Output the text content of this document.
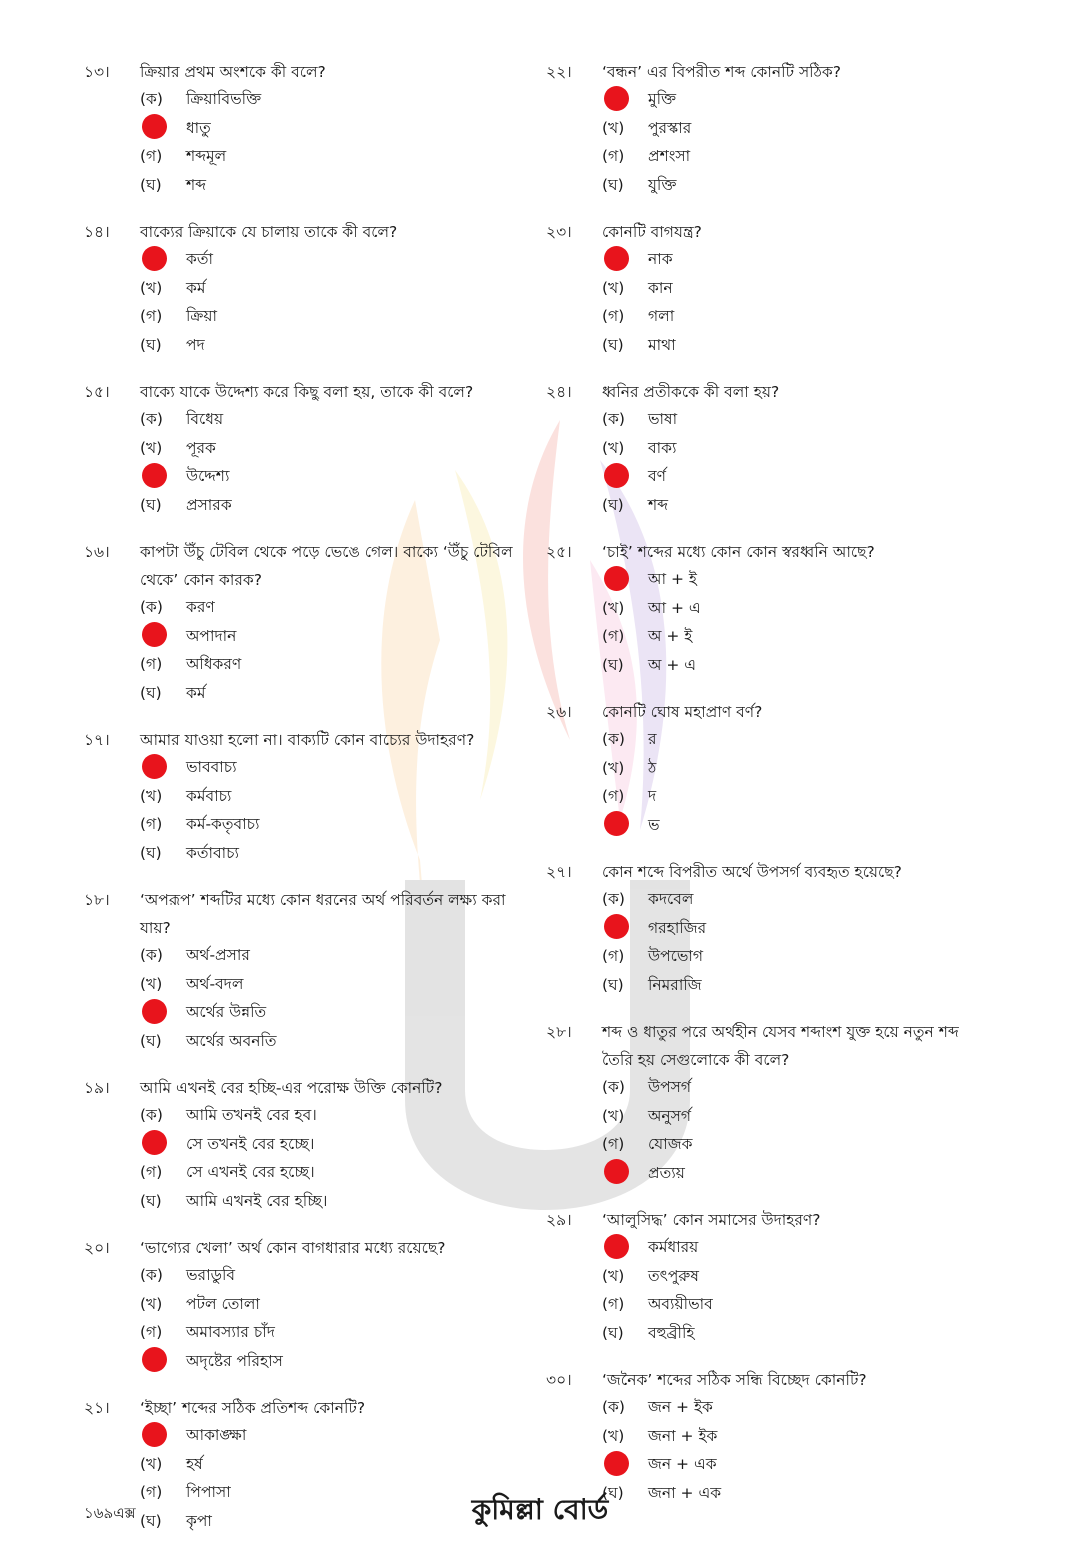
১৩।	ক্রিয়ার প্রথম অংশকে কী বলে?
(ক)	ক্রিয়াবিভক্তি
ধাতু
(গ)	শব্দমূল
(ঘ)	শব্দ
১৪।	বাক্যের ক্রিয়াকে যে চালায় তাকে কী বলে?
কর্তা
(খ)	কর্ম
(গ)	ক্রিয়া
(ঘ)	পদ
১৫।	বাক্যে যাকে উদ্দেশ্য করে কিছু বলা হয়, তাকে কী বলে?
(ক)	বিধেয়
(খ)	পূরক
উদ্দেশ্য
(ঘ)	প্রসারক
১৬।	কাপটা উঁচু টেবিল থেকে পড়ে ভেঙে গেল। বাক্যে ‘উঁচু টেবিল থেকে’ কোন কারক?
(ক)	করণ
অপাদান
(গ)	অধিকরণ
(ঘ)	কর্ম
১৭।	আমার যাওয়া হলো না। বাক্যটি কোন বাচ্যের উদাহরণ?
ভাববাচ্য
(খ)	কর্মবাচ্য
(গ)	কর্ম-কতৃবাচ্য
(ঘ)	কর্তাবাচ্য
১৮।	‘অপরূপ’ শব্দটির মধ্যে কোন ধরনের অর্থ পরিবর্তন লক্ষ্য করা যায়?
(ক)	অর্থ-প্রসার
(খ)	অর্থ-বদল
অর্থের উন্নতি
(ঘ)	অর্থের অবনতি
১৯।	আমি এখনই বের হচ্ছি-এর পরোক্ষ উক্তি কোনটি?
(ক)	আমি তখনই বের হব।
সে তখনই বের হচ্ছে।
(গ)	সে এখনই বের হচ্ছে।
(ঘ)	আমি এখনই বের হচ্ছি।
২০।	‘ভাগ্যের খেলা’ অর্থ কোন বাগধারার মধ্যে রয়েছে?
(ক)	ভরাডুবি
(খ)	পটল তোলা
(গ)	অমাবস্যার চাঁদ
অদৃষ্টের পরিহাস
২১।	‘ইচ্ছা’ শব্দের সঠিক প্রতিশব্দ কোনটি?
আকাঙ্ক্ষা
(খ)	হর্ষ
(গ)	পিপাসা
(ঘ)	কৃপা
২২।	‘বন্ধন’ এর বিপরীত শব্দ কোনটি সঠিক?
মুক্তি
(খ)	পুরস্কার
(গ)	প্রশংসা
(ঘ)	যুক্তি
২৩।	কোনটি বাগযন্ত্র?
নাক
(খ)	কান
(গ)	গলা
(ঘ)	মাথা
২৪।	ধ্বনির প্রতীককে কী বলা হয়?
(ক)	ভাষা
(খ)	বাক্য
বর্ণ
(ঘ)	শব্দ
২৫।	‘চাই’ শব্দের মধ্যে কোন কোন স্বরধ্বনি আছে?
আ + ই
(খ)	আ + এ
(গ)	অ + ই
(ঘ)	অ + এ
২৬।	কোনটি ঘোষ মহাপ্রাণ বর্ণ?
(ক)	র
(খ)	ঠ
(গ)	দ
ভ
২৭।	কোন শব্দে বিপরীত অর্থে উপসর্গ ব্যবহৃত হয়েছে?
(ক)	কদবেল
গরহাজির
(গ)	উপভোগ
(ঘ)	নিমরাজি
২৮।	শব্দ ও ধাতুর পরে অর্থহীন যেসব শব্দাংশ যুক্ত হয়ে নতুন শব্দ তৈরি হয় সেগুলোকে কী বলে?
(ক)	উপসর্গ
(খ)	অনুসর্গ
(গ)	যোজক
প্রত্যয়
২৯।	‘আলুসিদ্ধ’ কোন সমাসের উদাহরণ?
কর্মধারয়
(খ)	তৎপুরুষ
(গ)	অব্যয়ীভাব
(ঘ)	বহুব্রীহি
৩০।	‘জনৈক’ শব্দের সঠিক সন্ধি বিচ্ছেদ কোনটি?
(ক)	জন + ইক
(খ)	জনা + ইক
জন + এক
(ঘ)	জনা + এক
১৬৯এক্স	কুমিল্লা বোর্ড
